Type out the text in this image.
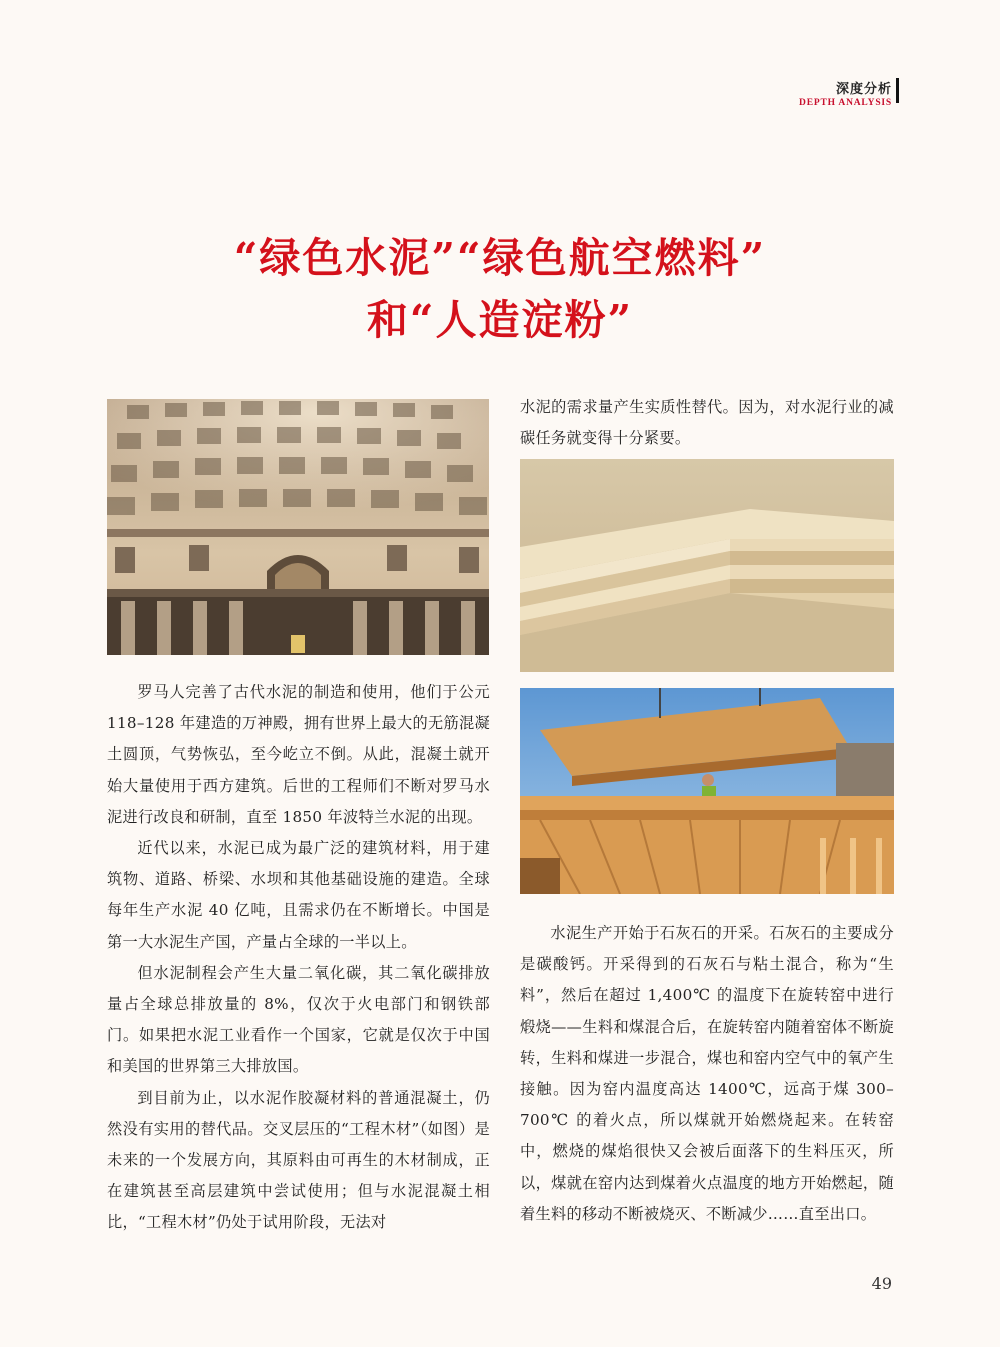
深度分析
DEPTH ANALYSIS
“绿色水泥”“绿色航空燃料”
和“人造淀粉”

罗马人完善了古代水泥的制造和使用，他们于公元 118–128 年建造的万神殿，拥有世界上最大的无筋混凝土圆顶，气势恢弘，至今屹立不倒。从此，混凝土就开始大量使用于西方建筑。后世的工程师们不断对罗马水泥进行改良和研制，直至 1850 年波特兰水泥的出现。

近代以来，水泥已成为最广泛的建筑材料，用于建筑物、道路、桥梁、水坝和其他基础设施的建造。全球每年生产水泥 40 亿吨，且需求仍在不断增长。中国是第一大水泥生产国，产量占全球的一半以上。

但水泥制程会产生大量二氧化碳，其二氧化碳排放量占全球总排放量的 8%，仅次于火电部门和钢铁部门。如果把水泥工业看作一个国家，它就是仅次于中国和美国的世界第三大排放国。

到目前为止，以水泥作胶凝材料的普通混凝土，仍然没有实用的替代品。交叉层压的“工程木材”（如图）是未来的一个发展方向，其原料由可再生的木材制成，正在建筑甚至高层建筑中尝试使用；但与水泥混凝土相比，“工程木材”仍处于试用阶段，无法对

水泥的需求量产生实质性替代。因为，对水泥行业的减碳任务就变得十分紧要。

水泥生产开始于石灰石的开采。石灰石的主要成分是碳酸钙。开采得到的石灰石与粘土混合，称为“生料”，然后在超过 1,400℃ 的温度下在旋转窑中进行煅烧——生料和煤混合后，在旋转窑内随着窑体不断旋转，生料和煤进一步混合，煤也和窑内空气中的氧产生接触。因为窑内温度高达 1400℃，远高于煤 300–700℃ 的着火点，所以煤就开始燃烧起来。在转窑中，燃烧的煤焰很快又会被后面落下的生料压灭，所以，煤就在窑内达到煤着火点温度的地方开始燃起，随着生料的移动不断被烧灭、不断减少……直至出口。

49
